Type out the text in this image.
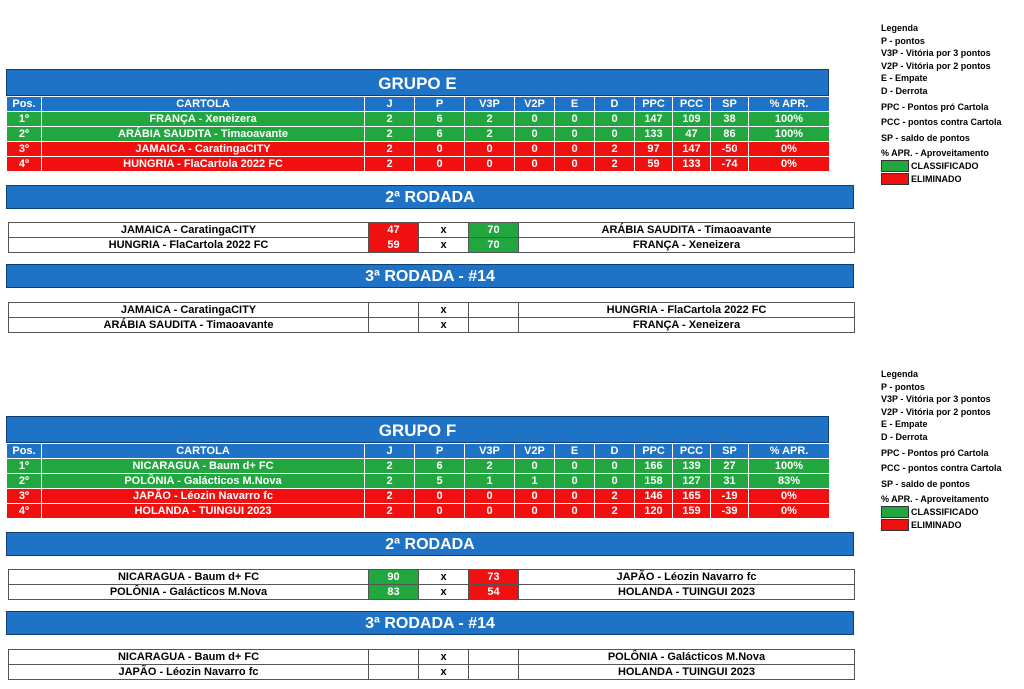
GRUPO E
Pos.	CARTOLA	J	P	V3P	V2P	E	D	PPC	PCC	SP	% APR.
1º	FRANÇA - Xeneizera	2	6	2	0	0	0	147	109	38	100%
2º	ARÁBIA SAUDITA - Timaoavante	2	6	2	0	0	0	133	47	86	100%
3º	JAMAICA - CaratingaCITY	2	0	0	0	0	2	97	147	-50	0%
4º	HUNGRIA - FlaCartola 2022 FC	2	0	0	0	0	2	59	133	-74	0%
2ª RODADA
JAMAICA - CaratingaCITY	47	x	70	ARÁBIA SAUDITA - Timaoavante
HUNGRIA - FlaCartola 2022 FC	59	x	70	FRANÇA - Xeneizera
3ª RODADA - #14
JAMAICA - CaratingaCITY		x		HUNGRIA - FlaCartola 2022 FC
ARÁBIA SAUDITA - Timaoavante		x		FRANÇA - Xeneizera
Legenda
P - pontos
V3P - Vitória por 3 pontos
V2P - Vitória por 2 pontos
E - Empate
D - Derrota
PPC - Pontos pró Cartola
PCC - pontos contra Cartola
SP - saldo de pontos
% APR. - Aproveitamento
CLASSIFICADO
ELIMINADO
GRUPO F
Pos.	CARTOLA	J	P	V3P	V2P	E	D	PPC	PCC	SP	% APR.
1º	NICARAGUA - Baum d+ FC	2	6	2	0	0	0	166	139	27	100%
2º	POLÔNIA - Galácticos M.Nova	2	5	1	1	0	0	158	127	31	83%
3º	JAPÃO - Léozin Navarro fc	2	0	0	0	0	2	146	165	-19	0%
4º	HOLANDA - TUINGUI 2023	2	0	0	0	0	2	120	159	-39	0%
2ª RODADA
NICARAGUA - Baum d+ FC	90	x	73	JAPÃO - Léozin Navarro fc
POLÔNIA - Galácticos M.Nova	83	x	54	HOLANDA - TUINGUI 2023
3ª RODADA - #14
NICARAGUA - Baum d+ FC		x		POLÔNIA - Galácticos M.Nova
JAPÃO - Léozin Navarro fc		x		HOLANDA - TUINGUI 2023
Legenda
P - pontos
V3P - Vitória por 3 pontos
V2P - Vitória por 2 pontos
E - Empate
D - Derrota
PPC - Pontos pró Cartola
PCC - pontos contra Cartola
SP - saldo de pontos
% APR. - Aproveitamento
CLASSIFICADO
ELIMINADO
